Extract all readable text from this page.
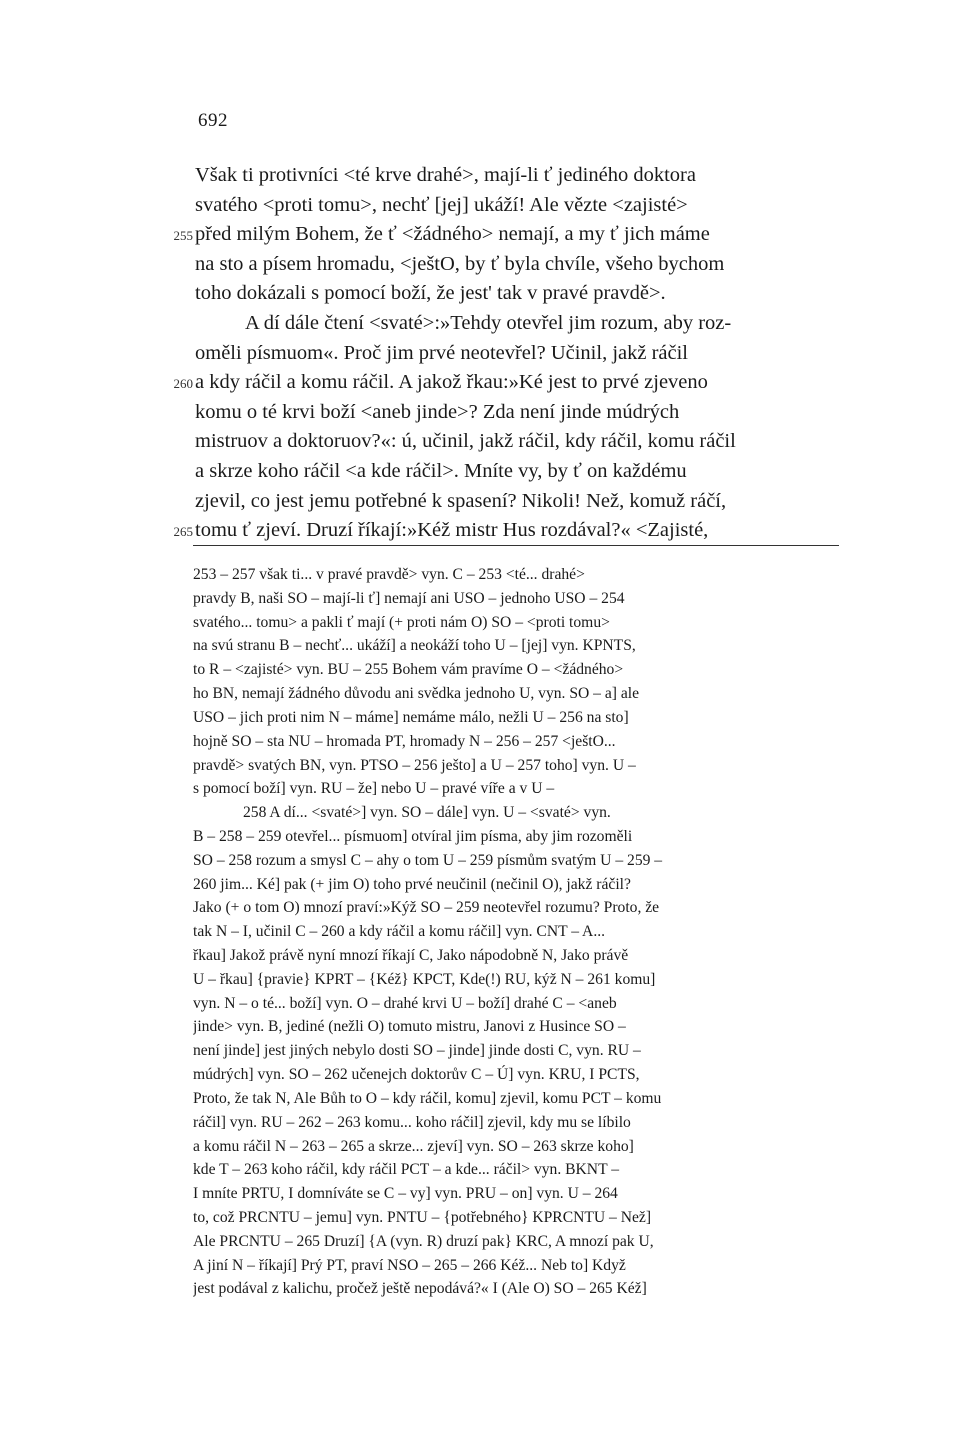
692
Však ti protivníci <té krve drahé>, mají-li ť jediného doktora
svatého <proti tomu>, nechť [jej] ukáží! Ale vězte <zajisté>
255 před milým Bohem, že ť <žádného> nemají, a my ť jich máme
na sto a písem hromadu, <ještO, by ť byla chvíle, všeho bychom
toho dokázali s pomocí boží, že jest' tak v pravé pravdě>.
A dí dále čtení <svaté>:»Tehdy otevřel jim rozum, aby roz-
oměli písmuom«. Proč jim prvé neotevřel? Učinil, jakž ráčil
260 a kdy ráčil a komu ráčil. A jakož řkau:»Ké jest to prvé zjeveno
komu o té krvi boží <aneb jinde>? Zda není jinde múdrých
mistruov a doktoruov?«: ú, učinil, jakž ráčil, kdy ráčil, komu ráčil
a skrze koho ráčil <a kde ráčil>. Mníte vy, by ť on každému
zjevil, co jest jemu potřebné k spasení? Nikoli! Než, komuž ráčí,
265 tomu ť zjeví. Druzí říkají:»Kéž mistr Hus rozdával?« <Zajisté,
253 – 257 však ti... v pravé pravdě> vyn. C – 253 <té... drahé>
pravdy B, naši SO – mají-li ť] nemají ani USO – jednoho USO – 254
svatého... tomu> a pakli ť mají (+ proti nám O) SO – <proti tomu>
na svú stranu B – nechť... ukáží] a neokáží toho U – [jej] vyn. KPNTS,
to R – <zajisté> vyn. BU – 255 Bohem vám pravíme O – <žádného>
ho BN, nemají žádného důvodu ani svědka jednoho U, vyn. SO – a] ale
USO – jich proti nim N – máme] nemáme málo, nežli U – 256 na sto]
hojně SO – sta NU – hromada PT, hromady N – 256 – 257 <ještO...
pravdě> svatých BN, vyn. PTSO – 256 ješto] a U – 257 toho] vyn. U –
s pomocí boží] vyn. RU – že] nebo U – pravé víře a v U –
258 A dí... <svaté>] vyn. SO – dále] vyn. U – <svaté> vyn.
B – 258 – 259 otevřel... písmuom] otvíral jim písma, aby jim rozoměli
SO – 258 rozum a smysl C – ahy o tom U – 259 písmům svatým U – 259 –
260 jim... Ké] pak (+ jim O) toho prvé neučinil (nečinil O), jakž ráčil?
Jako (+ o tom O) mnozí praví:»Kýž SO – 259 neotevřel rozumu? Proto, že
tak N – I, učinil C – 260 a kdy ráčil a komu ráčil] vyn. CNT – A...
řkau] Jakož právě nyní mnozí říkají C, Jako nápodobně N, Jako právě
U – řkau] {pravie} KPRT – {Kéž} KPCT, Kde(!) RU, kýž N – 261 komu]
vyn. N – o té... boží] vyn. O – drahé krvi U – boží] drahé C – <aneb
jinde> vyn. B, jediné (nežli O) tomuto mistru, Janovi z Husince SO –
není jinde] jest jiných nebylo dosti SO – jinde] jinde dosti C, vyn. RU –
múdrých] vyn. SO – 262 učenejch doktorův C – Ú] vyn. KRU, I PCTS,
Proto, že tak N, Ale Bůh to O – kdy ráčil, komu] zjevil, komu PCT – komu
ráčil] vyn. RU – 262 – 263 komu... koho ráčil] zjevil, kdy mu se líbilo
a komu ráčil N – 263 – 265 a skrze... zjeví] vyn. SO – 263 skrze koho]
kde T – 263 koho ráčil, kdy ráčil PCT – a kde... ráčil> vyn. BKNT –
I mníte PRTU, I domníváte se C – vy] vyn. PRU – on] vyn. U – 264
to, což PRCNTU – jemu] vyn. PNTU – {potřebného} KPRCNTU – Než]
Ale PRCNTU – 265 Druzí] {A (vyn. R) druzí pak} KRC, A mnozí pak U,
A jiní N – říkají] Prý PT, praví NSO – 265 – 266 Kéž... Neb to] Když
jest podával z kalichu, pročež ještě nepodává?« I (Ale O) SO – 265 Kéž]
